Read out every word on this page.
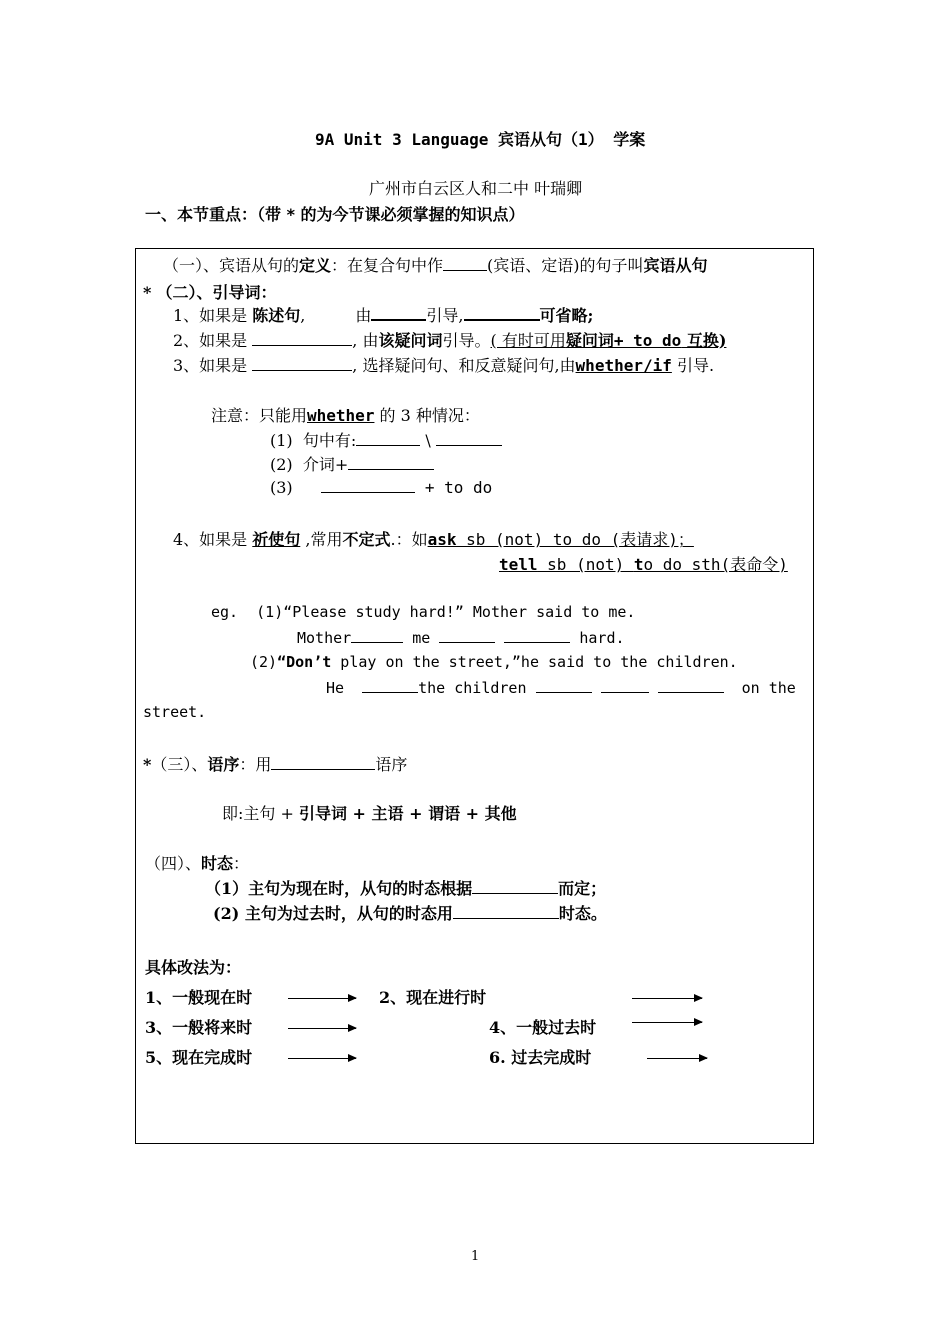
9A Unit 3 Language 宾语从句（1） 学案
广州市白云区人和二中 叶瑞卿
一、本节重点：（带 * 的为今节课必须掌握的知识点）
（一）、宾语从句的定义：在复合句中作	(宾语、定语)的句子叫宾语从句
* （二）、引导词：
1、如果是 陈述句,	由	引导,	可省略;
2、如果是	, 由该疑问词引导。( 有时可用疑问词+ to do 互换)
3、如果是	, 选择疑问句、和反意疑问句,由whether/if 引导.
注意：只能用whether 的 3 种情况：
(1) 句中有:	\
(2) 介词+
(3)	+ to do
4、如果是 祈使句 ,常用不定式.：如ask sb (not) to do (表请求)；
tell sb (not) to do sth(表命令)
eg. (1)“Please study hard!” Mother said to me.
Mother	me	hard.
(2)“Don’t play on the street,”he said to the children.
He	the children	on the
street.
*（三）、语序：用	语序
即:主句 + 引导词 + 主语 + 谓语 + 其他
（四）、时态：
（1）主句为现在时，从句的时态根据	而定；
(2) 主句为过去时，从句的时态用	时态。
具体改法为：
1、一般现在时	2、现在进行时
3、一般将来时	4、一般过去时
5、现在完成时	6. 过去完成时
1
